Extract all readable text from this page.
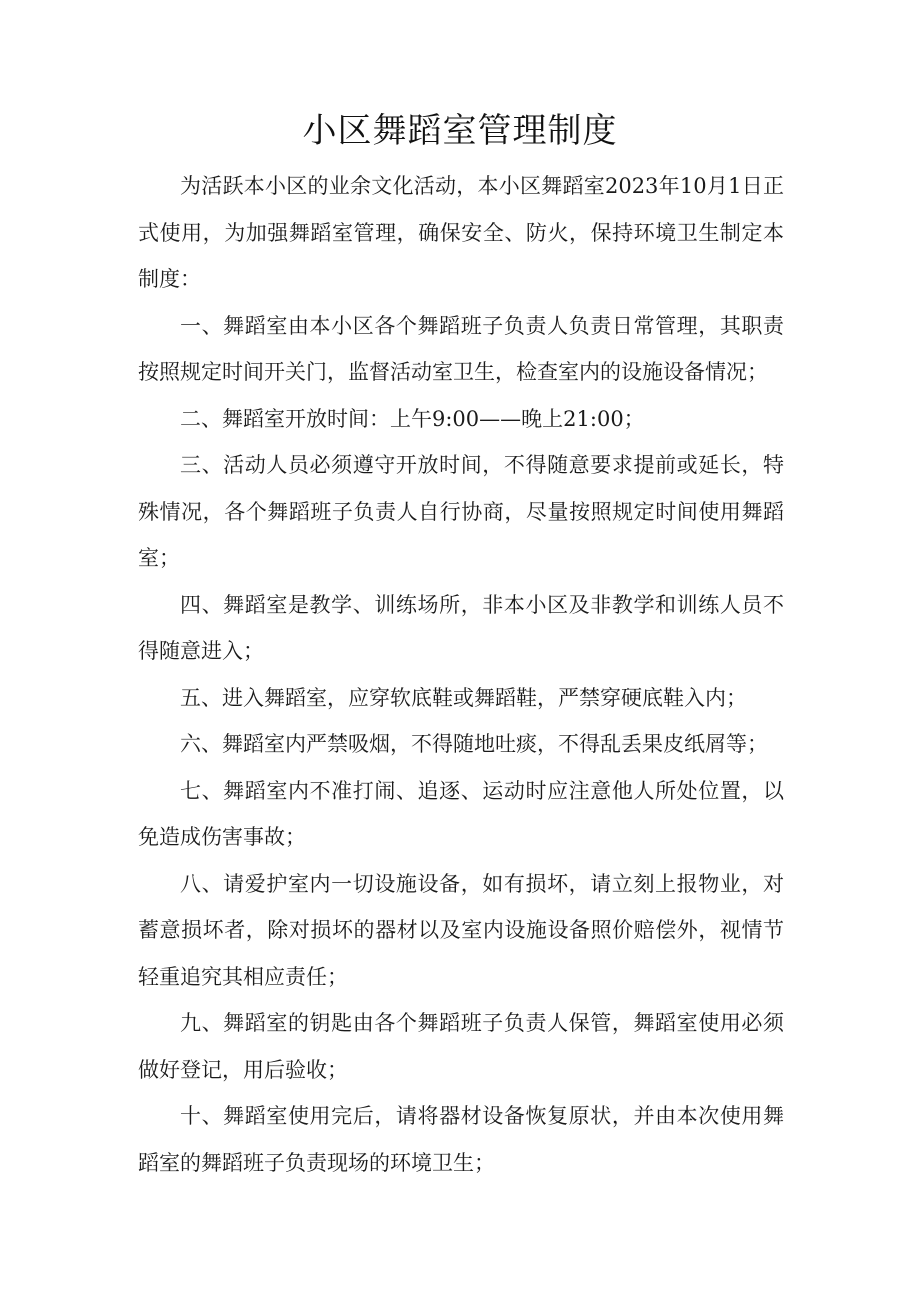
小区舞蹈室管理制度

为活跃本小区的业余文化活动，本小区舞蹈室2023年10月1日正式使用，为加强舞蹈室管理，确保安全、防火，保持环境卫生制定本制度：

一、舞蹈室由本小区各个舞蹈班子负责人负责日常管理，其职责按照规定时间开关门，监督活动室卫生，检查室内的设施设备情况；

二、舞蹈室开放时间：上午9:00——晚上21:00；

三、活动人员必须遵守开放时间，不得随意要求提前或延长，特殊情况，各个舞蹈班子负责人自行协商，尽量按照规定时间使用舞蹈室；

四、舞蹈室是教学、训练场所，非本小区及非教学和训练人员不得随意进入；

五、进入舞蹈室，应穿软底鞋或舞蹈鞋，严禁穿硬底鞋入内；

六、舞蹈室内严禁吸烟，不得随地吐痰，不得乱丢果皮纸屑等；

七、舞蹈室内不准打闹、追逐、运动时应注意他人所处位置，以免造成伤害事故；

八、请爱护室内一切设施设备，如有损坏，请立刻上报物业，对蓄意损坏者，除对损坏的器材以及室内设施设备照价赔偿外，视情节轻重追究其相应责任；

九、舞蹈室的钥匙由各个舞蹈班子负责人保管，舞蹈室使用必须做好登记，用后验收；

十、舞蹈室使用完后，请将器材设备恢复原状，并由本次使用舞蹈室的舞蹈班子负责现场的环境卫生；
